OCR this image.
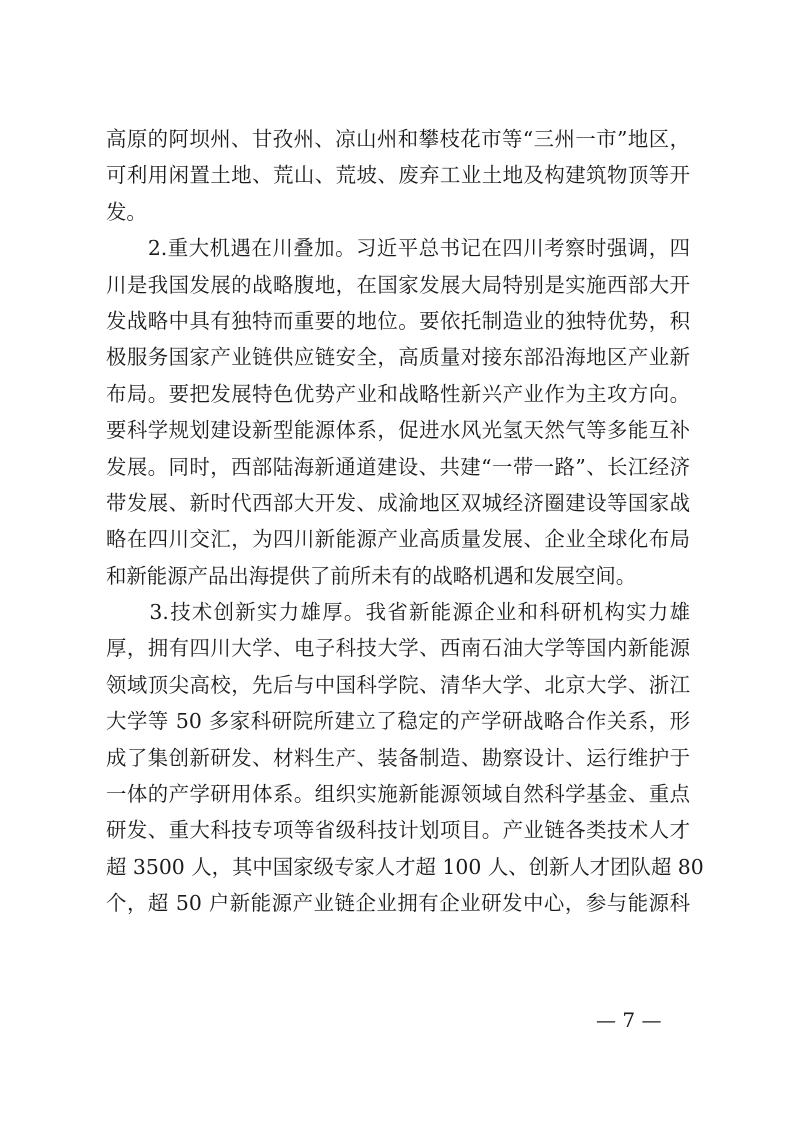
高原的阿坝州、甘孜州、凉山州和攀枝花市等“三州一市”地区，
可利用闲置土地、荒山、荒坡、废弃工业土地及构建筑物顶等开
发。
　　2.重大机遇在川叠加。习近平总书记在四川考察时强调，四
川是我国发展的战略腹地，在国家发展大局特别是实施西部大开
发战略中具有独特而重要的地位。要依托制造业的独特优势，积
极服务国家产业链供应链安全，高质量对接东部沿海地区产业新
布局。要把发展特色优势产业和战略性新兴产业作为主攻方向。
要科学规划建设新型能源体系，促进水风光氢天然气等多能互补
发展。同时，西部陆海新通道建设、共建“一带一路”、长江经济
带发展、新时代西部大开发、成渝地区双城经济圈建设等国家战
略在四川交汇，为四川新能源产业高质量发展、企业全球化布局
和新能源产品出海提供了前所未有的战略机遇和发展空间。
　　3.技术创新实力雄厚。我省新能源企业和科研机构实力雄
厚，拥有四川大学、电子科技大学、西南石油大学等国内新能源
领域顶尖高校，先后与中国科学院、清华大学、北京大学、浙江
大学等 50 多家科研院所建立了稳定的产学研战略合作关系，形
成了集创新研发、材料生产、装备制造、勘察设计、运行维护于
一体的产学研用体系。组织实施新能源领域自然科学基金、重点
研发、重大科技专项等省级科技计划项目。产业链各类技术人才
超 3500 人，其中国家级专家人才超 100 人、创新人才团队超 80
个，超 50 户新能源产业链企业拥有企业研发中心，参与能源科
— 7 —
